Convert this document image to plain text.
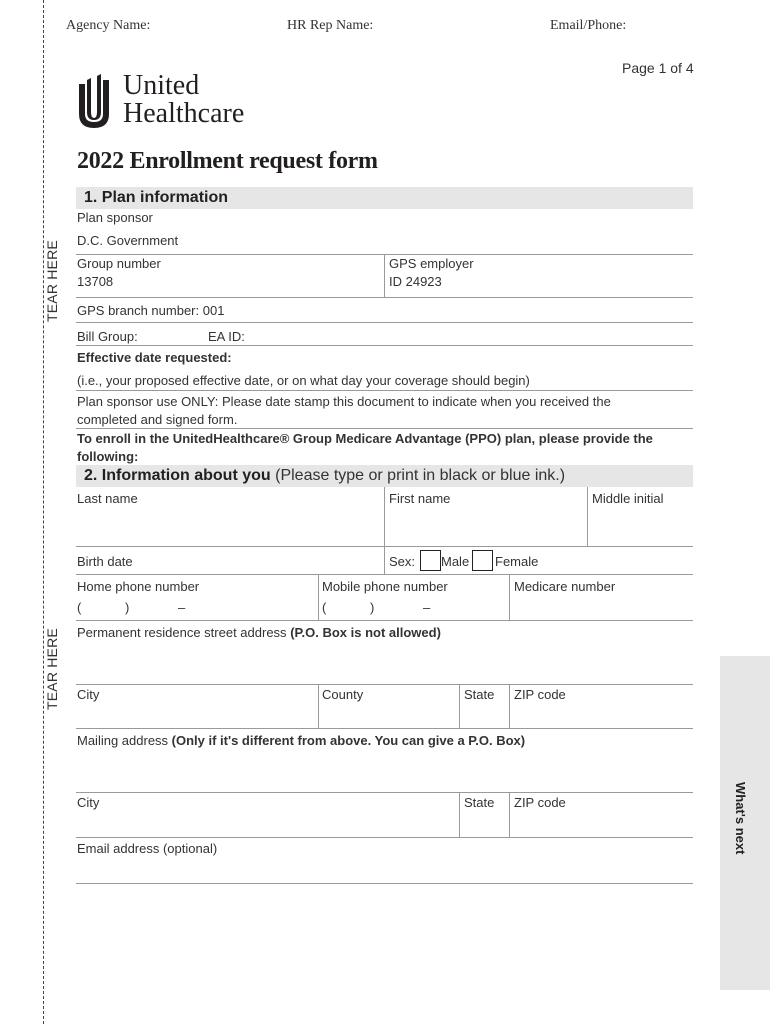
TEAR HERE
TEAR HERE
Agency Name:	HR Rep Name:	Email/Phone:
Page 1 of 4
United
Healthcare
2022 Enrollment request form
1. Plan information
Plan sponsor
D.C. Government
Group number
13708
GPS employer
ID 24923
GPS branch number: 001
Bill Group:	EA ID:
Effective date requested:
(i.e., your proposed effective date, or on what day your coverage should begin)
Plan sponsor use ONLY: Please date stamp this document to indicate when you received the
completed and signed form.
To enroll in the UnitedHealthcare® Group Medicare Advantage (PPO) plan, please provide the
following:
2. Information about you (Please type or print in black or blue ink.)
Last name	First name	Middle initial
Birth date	Sex: Male Female
Home phone number
(	)	–
Mobile phone number
(	)	–
Medicare number
Permanent residence street address (P.O. Box is not allowed)
City	County	State ZIP code
Mailing address (Only if it's different from above. You can give a P.O. Box)
City	State ZIP code
Email address (optional)	What's next
